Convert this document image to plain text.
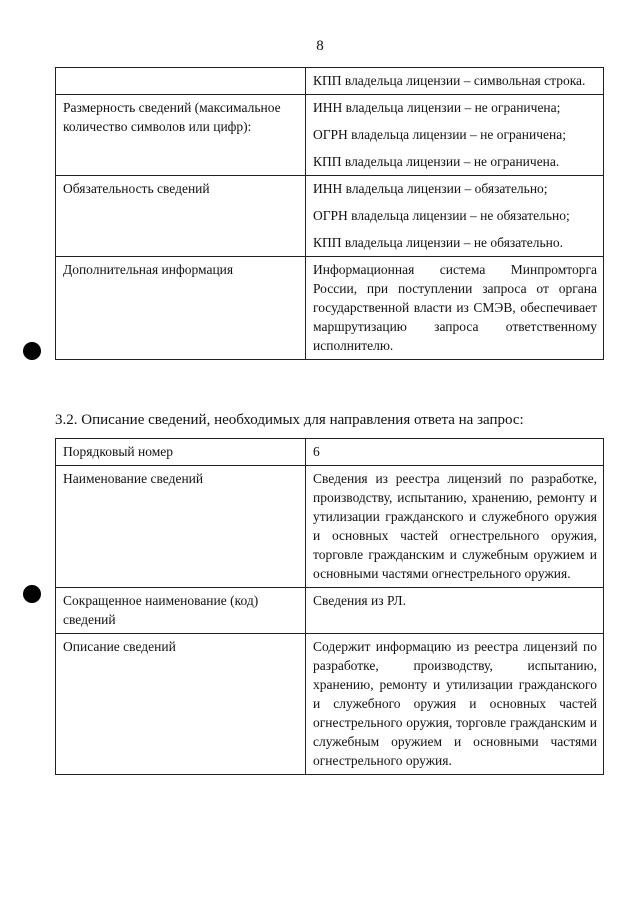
8
	КПП владельца лицензии – символьная строка.
Размерность сведений (максимальное количество символов или цифр):	ИНН владельца лицензии – не ограничена;

ОГРН владельца лицензии – не ограничена;

КПП владельца лицензии – не ограничена.

Обязательность сведений	ИНН владельца лицензии – обязательно;

ОГРН владельца лицензии – не обязательно;

КПП владельца лицензии – не обязательно.

Дополнительная информация	Информационная система Минпромторга России, при поступлении запроса от органа государственной власти из СМЭВ, обеспечивает маршрутизацию запроса ответственному исполнителю.
3.2. Описание сведений, необходимых для направления ответа на запрос:
Порядковый номер	6
Наименование сведений	Сведения из реестра лицензий по разработке, производству, испытанию, хранению, ремонту и утилизации гражданского и служебного оружия и основных частей огнестрельного оружия, торговле гражданским и служебным оружием и основными частями огнестрельного оружия.
Сокращенное наименование (код) сведений	Сведения из РЛ.
Описание сведений	Содержит информацию из реестра лицензий по разработке, производству, испытанию, хранению, ремонту и утилизации гражданского и служебного оружия и основных частей огнестрельного оружия, торговле гражданским и служебным оружием и основными частями огнестрельного оружия.
